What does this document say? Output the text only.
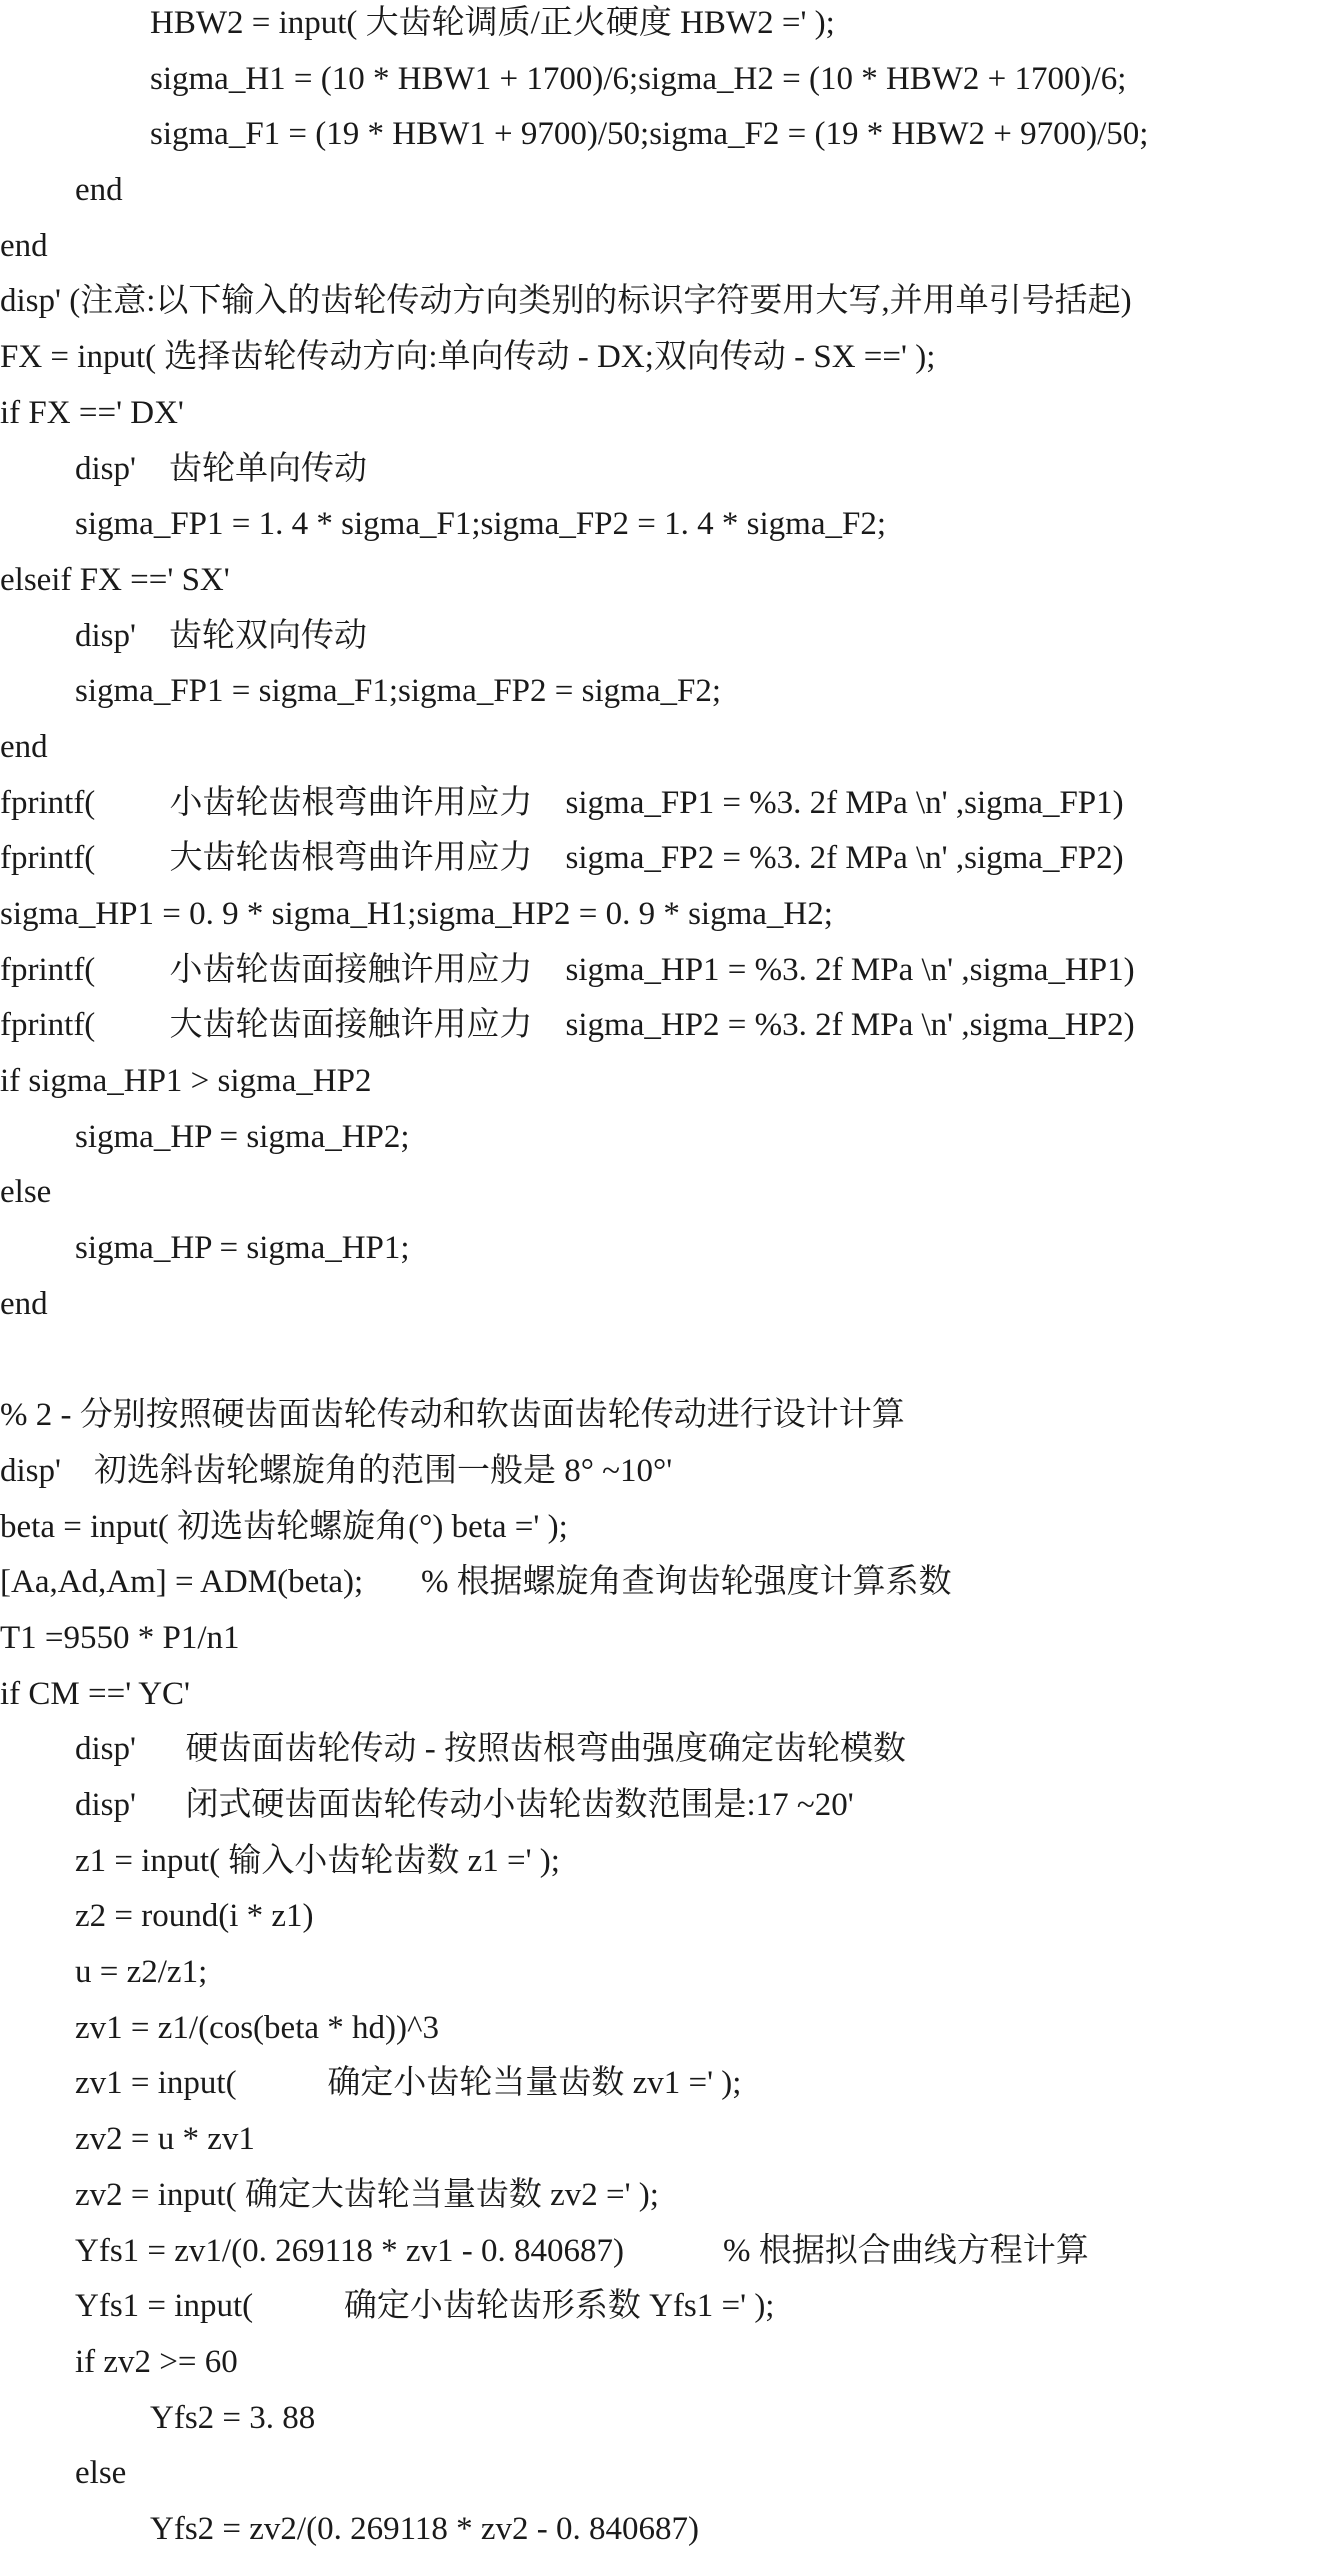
HBW2 = input( 大齿轮调质/正火硬度 HBW2 =' );
sigma_H1 = (10 * HBW1 + 1700)/6;sigma_H2 = (10 * HBW2 + 1700)/6;
sigma_F1 = (19 * HBW1 + 9700)/50;sigma_F2 = (19 * HBW2 + 9700)/50;
end
end
disp' (注意:以下输入的齿轮传动方向类别的标识字符要用大写,并用单引号括起)
FX = input( 选择齿轮传动方向:单向传动 - DX;双向传动 - SX ==' );
if FX ==' DX'
disp'    齿轮单向传动
sigma_FP1 = 1. 4 * sigma_F1;sigma_FP2 = 1. 4 * sigma_F2;
elseif FX ==' SX'
disp'    齿轮双向传动
sigma_FP1 = sigma_F1;sigma_FP2 = sigma_F2;
end
fprintf(         小齿轮齿根弯曲许用应力    sigma_FP1 = %3. 2f MPa \n' ,sigma_FP1)
fprintf(         大齿轮齿根弯曲许用应力    sigma_FP2 = %3. 2f MPa \n' ,sigma_FP2)
sigma_HP1 = 0. 9 * sigma_H1;sigma_HP2 = 0. 9 * sigma_H2;
fprintf(         小齿轮齿面接触许用应力    sigma_HP1 = %3. 2f MPa \n' ,sigma_HP1)
fprintf(         大齿轮齿面接触许用应力    sigma_HP2 = %3. 2f MPa \n' ,sigma_HP2)
if sigma_HP1 > sigma_HP2
sigma_HP = sigma_HP2;
else
sigma_HP = sigma_HP1;
end
% 2 - 分别按照硬齿面齿轮传动和软齿面齿轮传动进行设计计算
disp'    初选斜齿轮螺旋角的范围一般是 8° ~10°'
beta = input( 初选齿轮螺旋角(°) beta =' );
[Aa,Ad,Am] = ADM(beta);       % 根据螺旋角查询齿轮强度计算系数
T1 =9550 * P1/n1
if CM ==' YC'
disp'      硬齿面齿轮传动 - 按照齿根弯曲强度确定齿轮模数
disp'      闭式硬齿面齿轮传动小齿轮齿数范围是:17 ~20'
z1 = input( 输入小齿轮齿数 z1 =' );
z2 = round(i * z1)
u = z2/z1;
zv1 = z1/(cos(beta * hd))^3
zv1 = input(           确定小齿轮当量齿数 zv1 =' );
zv2 = u * zv1
zv2 = input( 确定大齿轮当量齿数 zv2 =' );
Yfs1 = zv1/(0. 269118 * zv1 - 0. 840687)            % 根据拟合曲线方程计算
Yfs1 = input(           确定小齿轮齿形系数 Yfs1 =' );
if zv2 >= 60
Yfs2 = 3. 88
else
Yfs2 = zv2/(0. 269118 * zv2 - 0. 840687)
